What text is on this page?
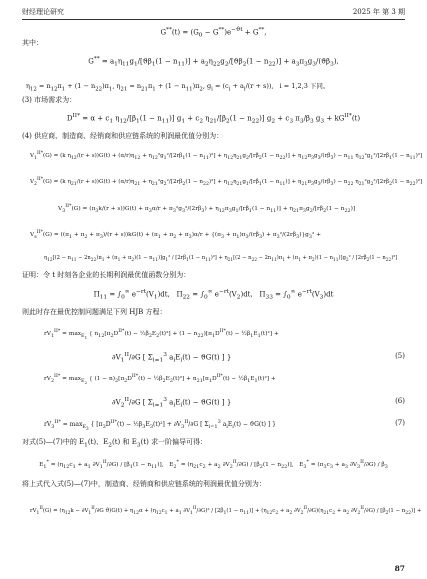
财经理论研究	2025 年 第 3 期
$G^{**}(t) = (G_0 - G^{**})e^{-ϑt} + G^{**}$,
其中：
$G^{**} = a_1\eta_{11}g_1/[ϑ\beta_1(1 - n_{11})] + a_2\eta_{22}g_2/[ϑ\beta_2(1 - n_{22})] + a_3\pi_3g_3/(ϑ\beta_3)$,
$\eta_{12} = n_{12}\pi_1 + (1 - n_{22})\pi_1$, $\eta_{21} = n_{21}\pi_1 + (1 - n_{11})\pi_2$, $g_i = (c_i + a_i/(r + s))$,   i = 1,2,3 下同。
(3) 市场需求为：
$D^{II*} = \alpha + c_1$ $\eta_{12}/[\beta_1(1 - n_{11})] g_1 + c_2$ $\eta_{21}/[\beta_2(1 - n_{22})] g_2 + c_3$ $\pi_3/\beta_3$ $g_3 + kG^{II*}(t)$
(4) 供应商、制造商、经销商和供应链系统的利润最优值分别为：
$V_1^{II*}(G) = (k$ $\eta_{12}/(r + s))G(t) + (\alpha/r)\eta_{12} + \eta_{12}^2g_1^2/[2r\beta_1(1 - n_{11})^2] + \eta_{12}\eta_{21}g_2/[r\beta_2(1 - n_{22})] + \eta_{12}\pi_3g_3/(r\beta_3) - n_{11}$ $\eta_{12}^2g_1^2/[2r\beta_1(1 - n_{11})^2]$
$V_2^{II*}(G) = (k$ $\eta_{21}/(r + s))G(t) + (\alpha/r)\eta_{21} + \eta_{21}^2g_2^2/[2r\beta_2(1 - n_{22})^2] + \eta_{12}\eta_{21}g_1/[r\beta_1(1 - n_{11})] + \eta_{21}\pi_3g_3/(r\beta_3) - n_{22}$ $\eta_{21}^2g_2^2/[2r\beta_2(1 - n_{22})^2]$
$V_3^{II*}(G) = (\pi_3k/(r + s))G(t) + \pi_3\alpha/r + \pi_3^2g_3^2/(2r\beta_3) + \eta_{12}\pi_3g_1/[r\beta_1(1 - n_{11})] + \eta_{21}\pi_3g_2/[r\beta_2(1 - n_{22})]$
$V_s^{II*}(G) = ((\pi_1 + \pi_2 + \pi_3)/(r + s))kG(t) + (\pi_1 + \pi_2 + \pi_3)\alpha/r + \{(\pi_3 + \pi_1)\pi_3/(r\beta_3) + \pi_3^2/(2r\beta_3)\}g_3^2$ +
$\eta_{12}[(2 - n_{11} - 2n_{22})\pi_1 + (\pi_1 + \pi_2)(1 - n_{11})]g_1^2 / [2r\beta_1(1 - n_{11})^2] + \eta_{21}[(2 - n_{22} - 2n_{11})\pi_1 + (\pi_1 + \pi_2)(1 - n_{11})]g_2^2 / [2r\beta_2(1 - n_{22})^2]$
证明：令 t 时刻各企业的长期利润最优值函数分别为：
$\Pi_{11} = \int_0^\infty$ $e^{-rt}(V_1)dt$,   $\Pi_{22} = \int_0^\infty$ $e^{-rt}(V_2)dt$,   $\Pi_{33} = \int_0^\infty$ $e^{-rt}(V_3)dt$
则此时存在最优控制问题满足下列 HJB 方程：
$rV_1^{II*} = \max_{E_1}$ { $n_{12}[\pi_2D^{II*}(t)$ − $\frac{1}{2}\beta_2E_2(t)^2] + (1 - n_{22})[\pi_1D^{II*}(t)$ − $\frac{1}{2}\beta_1E_1(t)^2$] +
$\partial V_1^{II}/\partial G$ [ $\Sigma_{i=1}^3$ $a_iE_i(t) - ϑG(t)$ ] }	(5)
$rV_2^{II*} = \max_{E_2}$ { $(1 - n)_2[\pi_2D^{II*}(t)$ − $\frac{1}{2}\beta_2E_2(t)^2] + n_{21}[\pi_1D^{II*}(t)$ − $\frac{1}{2}\beta_1E_1(t)^2$] +
$\partial V_2^{II}/\partial G$ [ $\Sigma_{i=1}^3$ $a_iE_i(t) - ϑG(t)$ ] }	(6)
$rV_3^{II*} = \max_{E_3}$ { [$\pi_3D^{II*}(t)$ − $\frac{1}{2}\beta_3E_3(t)^2] + \partial V_3^{II}/\partial G$ [ $\Sigma_{i=1}^3$ $a_iE_i(t) - ϑG(t)$ ] }	(7)
对式(5)—(7)中的 $E_1(t)$、$E_2(t)$ 和 $E_3(t)$ 求一阶偏导可得：
$E_1^* = (\eta_{12}c_1 + a_1$ $\partial V_1^{II}/\partial G) / [\beta_1(1 - n_{11})]$,   $E_2^* = (\eta_{21}c_2 + a_2$ $\partial V_2^{II}/\partial G) / [\beta_2(1 - n_{22})]$,   $E_3^* = (\pi_3c_3 + a_3$ $\partial V_3^{II}/\partial G) / \beta_3$
将上式代入式(5)—(7)中，制造商、经销商和供应链系统的利润最优值分别为：
$rV_1^{II}(G) = (\eta_{12}k - \partial V_1^{II}/\partial G$ $ϑ)G(t) + \eta_{12}\alpha + (\eta_{12}c_1 + a_1$ $\partial V_1^{II}/\partial G)^2 / [2\beta_1(1 - n_{11})] + (\eta_{12}c_2 + a_2$ $\partial V_2^{II}/\partial G)(\eta_{21}c_2 + a_2$ $\partial V_2^{II}/\partial G) / [\beta_2(1 - n_{22})]$ +
87
